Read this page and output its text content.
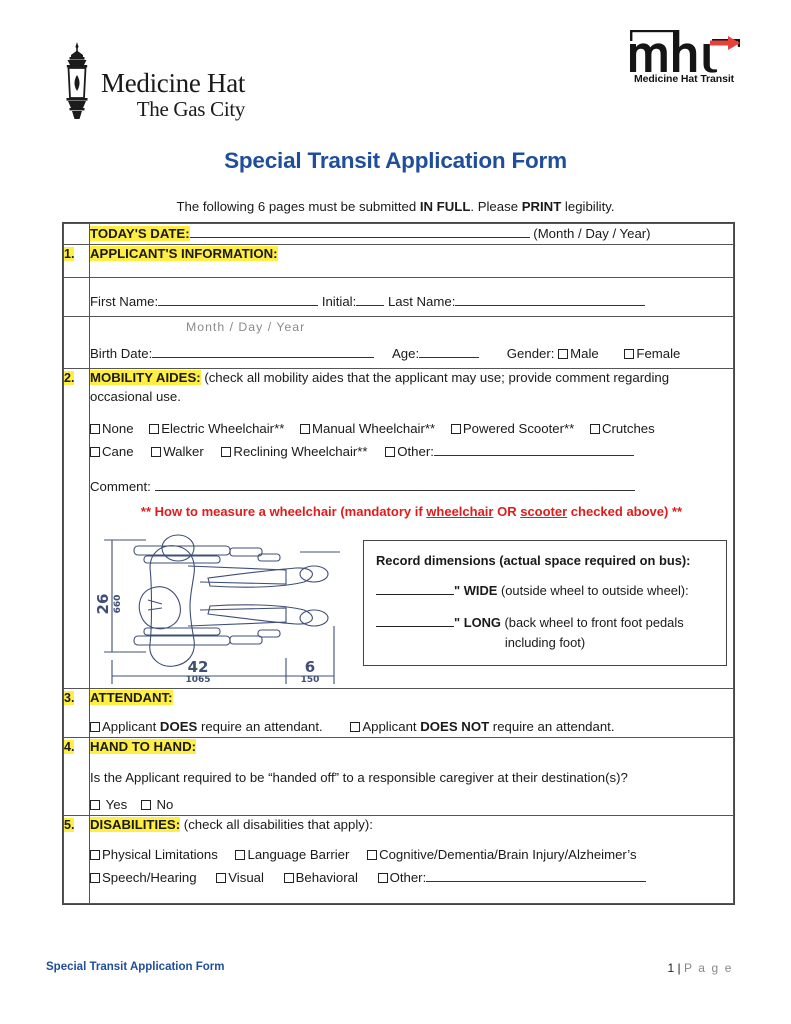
Medicine Hat
The Gas City
Medicine Hat Transit
Special Transit Application Form
The following 6 pages must be submitted IN FULL. Please PRINT legibility.
	TODAY'S DATE: (Month / Day / Year)
1.	APPLICANT'S INFORMATION:
	First Name: Initial: Last Name:

	Month / Day / Year
Birth Date: Age: Gender: Male Female

2.	MOBILITY AIDES: (check all mobility aides that the applicant may use; provide comment regarding occasional use.
None Electric Wheelchair** Manual Wheelchair** Powered Scooter** Crutches
Cane Walker Reclining Wheelchair** Other:
Comment:
** How to measure a wheelchair (mandatory if wheelchair OR scooter checked above) **
26 660
42
1065
6
150
Record dimensions (actual space required on bus):
" WIDE (outside wheel to outside wheel):
" LONG (back wheel to front foot pedals
including foot)

3.	ATTENDANT:
Applicant DOES require an attendant. Applicant DOES NOT require an attendant.

4.	HAND TO HAND:
Is the Applicant required to be “handed off” to a responsible caregiver at their destination(s)?
Yes No

5.	DISABILITIES: (check all disabilities that apply):
Physical Limitations Language Barrier Cognitive/Dementia/Brain Injury/Alzheimer’s
Speech/Hearing Visual Behavioral Other:
Special Transit Application Form	1 | P a g e
